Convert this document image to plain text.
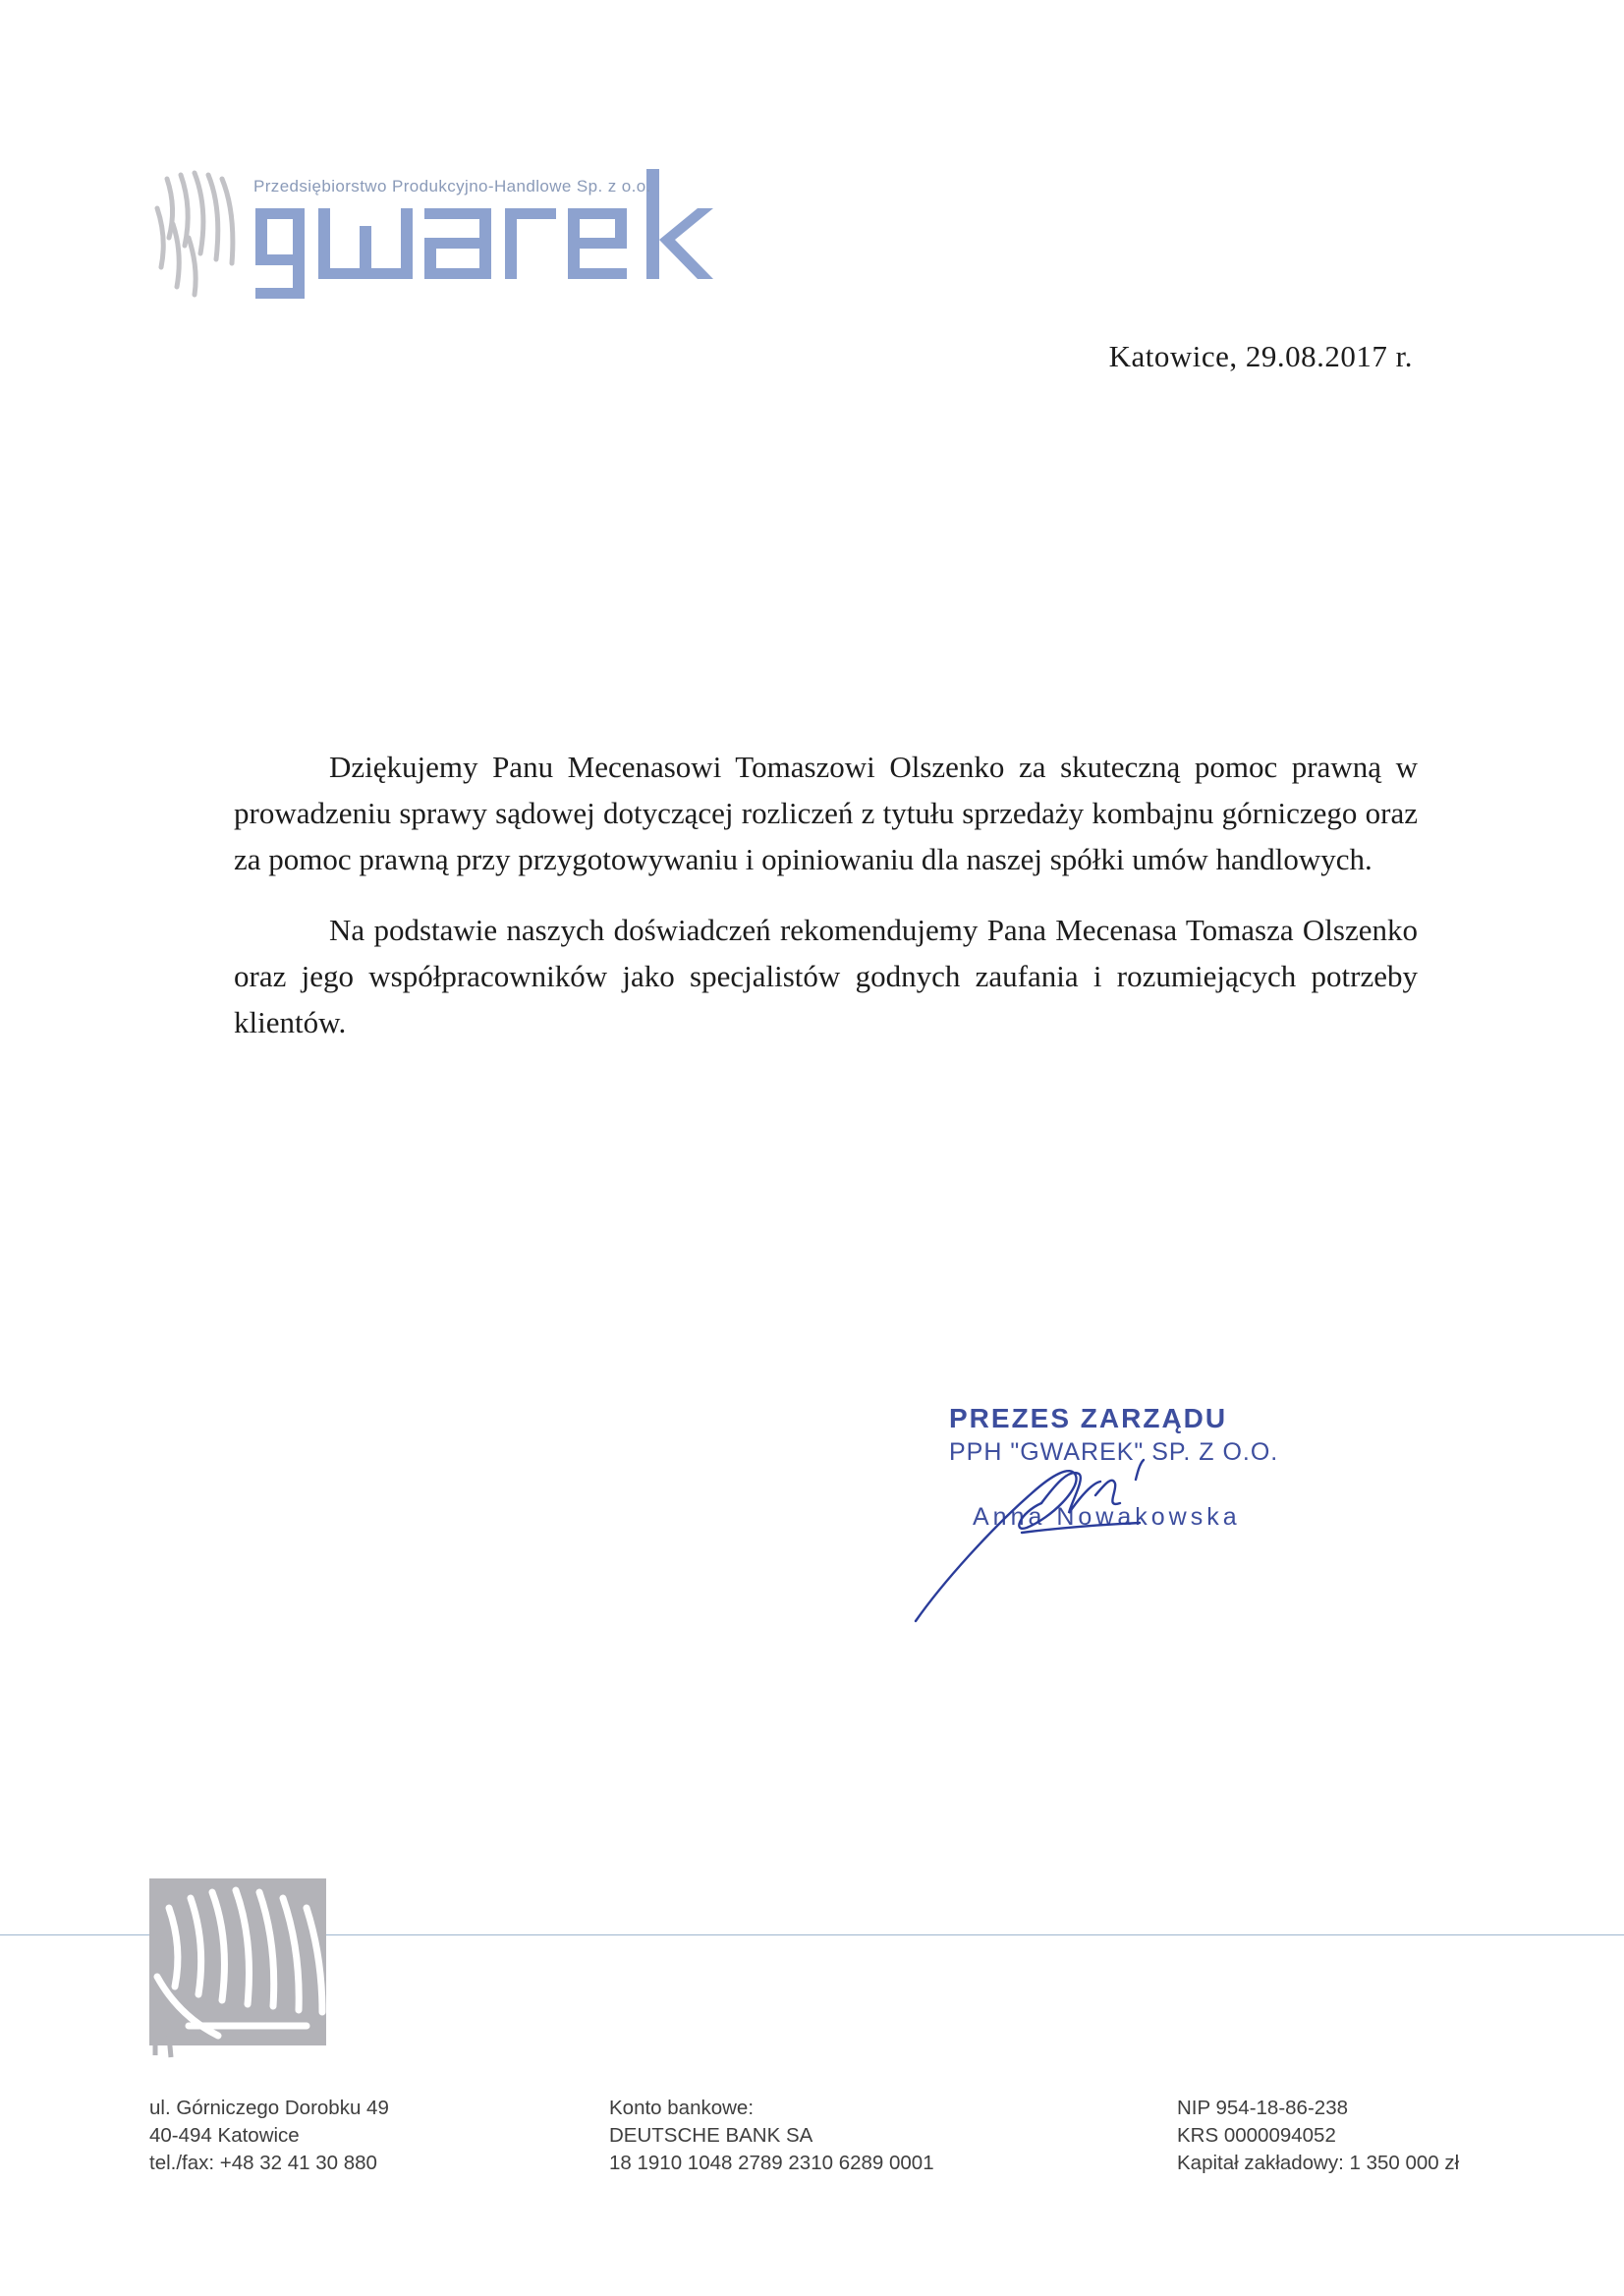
Przedsiębiorstwo Produkcyjno-Handlowe Sp. z o.o.
Katowice, 29.08.2017 r.

Dziękujemy Panu Mecenasowi Tomaszowi Olszenko za skuteczną pomoc prawną w prowadzeniu sprawy sądowej dotyczącej rozliczeń z tytułu sprzedaży kombajnu górniczego oraz za pomoc prawną przy przygotowywaniu i opiniowaniu dla naszej spółki umów handlowych.

Na podstawie naszych doświadczeń rekomendujemy Pana Mecenasa Tomasza Olszenko oraz jego współpracowników jako specjalistów godnych zaufania i rozumiejących potrzeby klientów.

PREZES ZARZĄDU
PPH "GWAREK" SP. Z O.O.
Anna Nowakowska
ul. Górniczego Dorobku 49
40-494 Katowice
tel./fax: +48 32 41 30 880
Konto bankowe:
DEUTSCHE BANK SA
18 1910 1048 2789 2310 6289 0001
NIP 954-18-86-238
KRS 0000094052
Kapitał zakładowy: 1 350 000 zł
